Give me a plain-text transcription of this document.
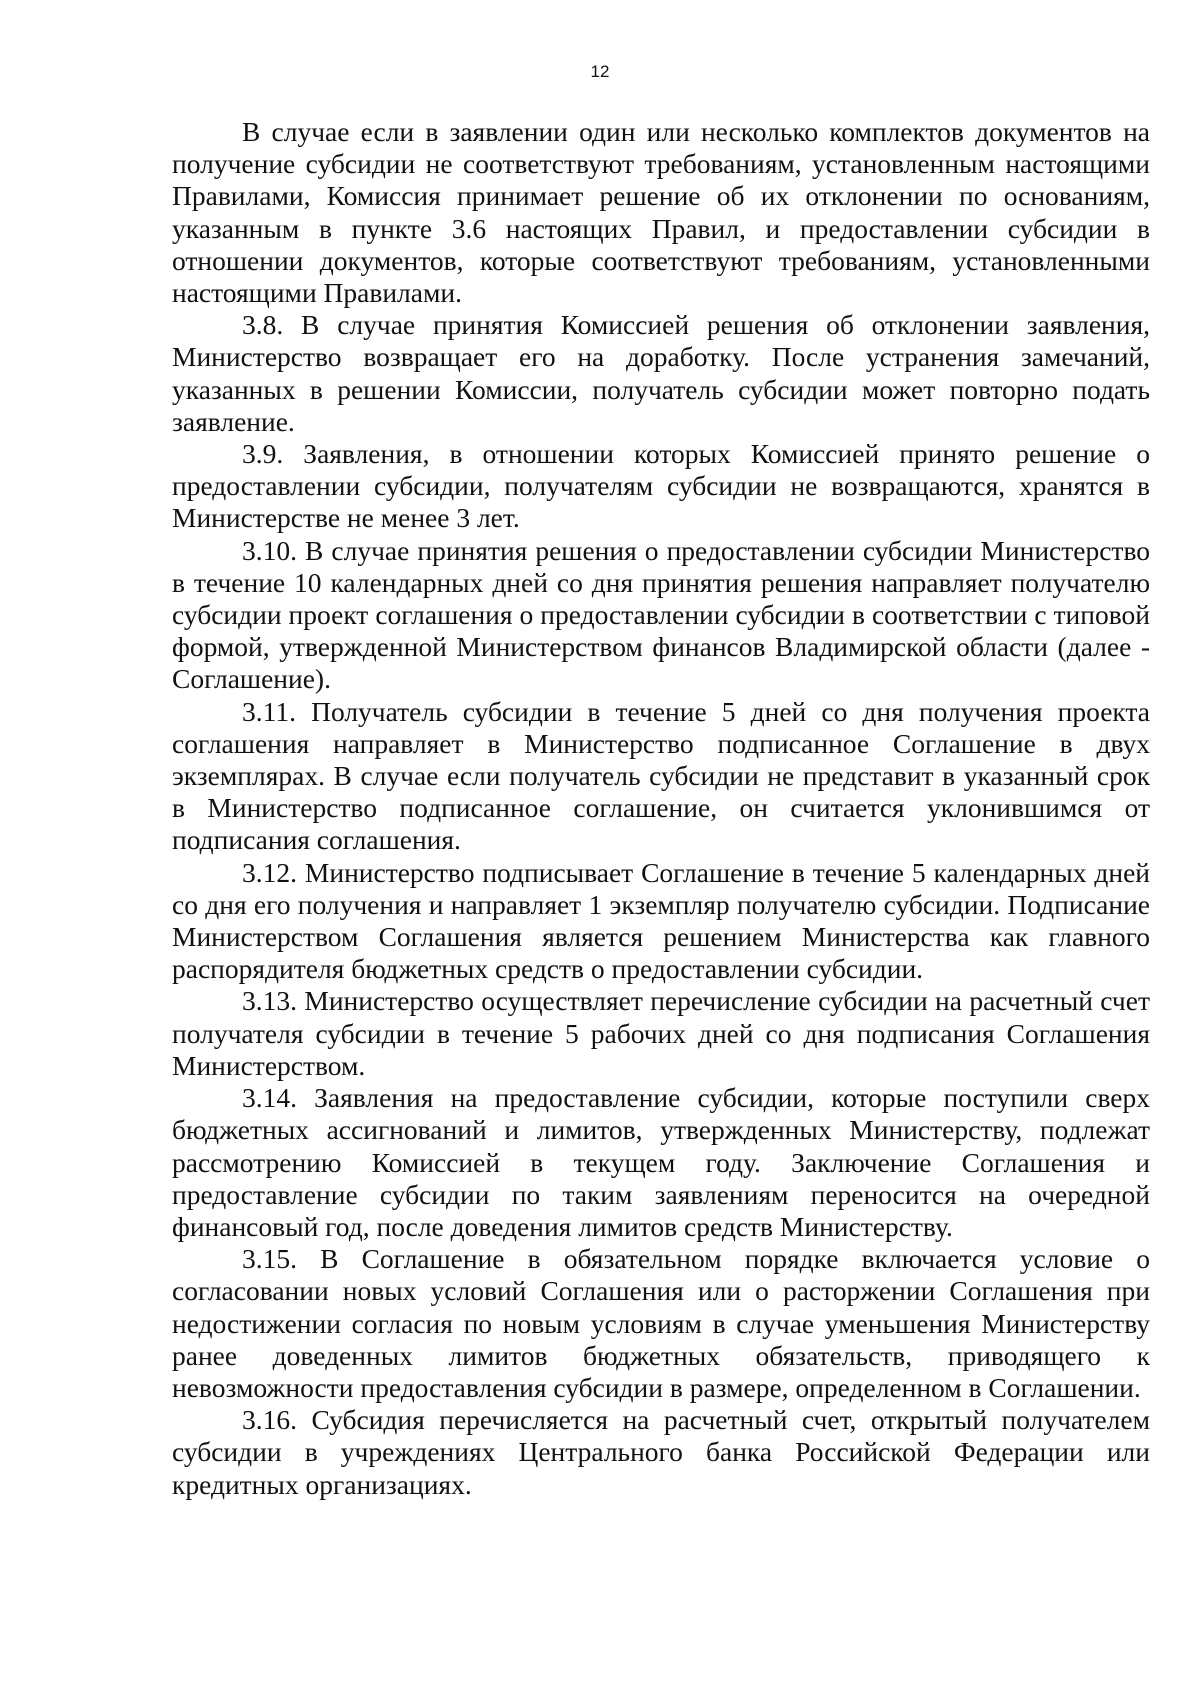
12

В случае если в заявлении один или несколько комплектов документов на получение субсидии не соответствуют требованиям, установленным настоящими Правилами, Комиссия принимает решение об их отклонении по основаниям, указанным в пункте 3.6 настоящих Правил, и предоставлении субсидии в отношении документов, которые соответствуют требованиям, установленными настоящими Правилами.

3.8. В случае принятия Комиссией решения об отклонении заявления, Министерство возвращает его на доработку. После устранения замечаний, указанных в решении Комиссии, получатель субсидии может повторно подать заявление.

3.9. Заявления, в отношении которых Комиссией принято решение о предоставлении субсидии, получателям субсидии не возвращаются, хранятся в Министерстве не менее 3 лет.

3.10. В случае принятия решения о предоставлении субсидии Министерство в течение 10 календарных дней со дня принятия решения направляет получателю субсидии проект соглашения о предоставлении субсидии в соответствии с типовой формой, утвержденной Министерством финансов Владимирской области (далее - Соглашение).

3.11. Получатель субсидии в течение 5 дней со дня получения проекта соглашения направляет в Министерство подписанное Соглашение в двух экземплярах. В случае если получатель субсидии не представит в указанный срок в Министерство подписанное соглашение, он считается уклонившимся от подписания соглашения.

3.12. Министерство подписывает Соглашение в течение 5 календарных дней со дня его получения и направляет 1 экземпляр получателю субсидии. Подписание Министерством Соглашения является решением Министерства как главного распорядителя бюджетных средств о предоставлении субсидии.

3.13. Министерство осуществляет перечисление субсидии на расчетный счет получателя субсидии в течение 5 рабочих дней со дня подписания Соглашения Министерством.

3.14. Заявления на предоставление субсидии, которые поступили сверх бюджетных ассигнований и лимитов, утвержденных Министерству, подлежат рассмотрению Комиссией в текущем году. Заключение Соглашения и предоставление субсидии по таким заявлениям переносится на очередной финансовый год, после доведения лимитов средств Министерству.

3.15. В Соглашение в обязательном порядке включается условие о согласовании новых условий Соглашения или о расторжении Соглашения при недостижении согласия по новым условиям в случае уменьшения Министерству ранее доведенных лимитов бюджетных обязательств, приводящего к невозможности предоставления субсидии в размере, определенном в Соглашении.

3.16. Субсидия перечисляется на расчетный счет, открытый получателем субсидии в учреждениях Центрального банка Российской Федерации или кредитных организациях.
